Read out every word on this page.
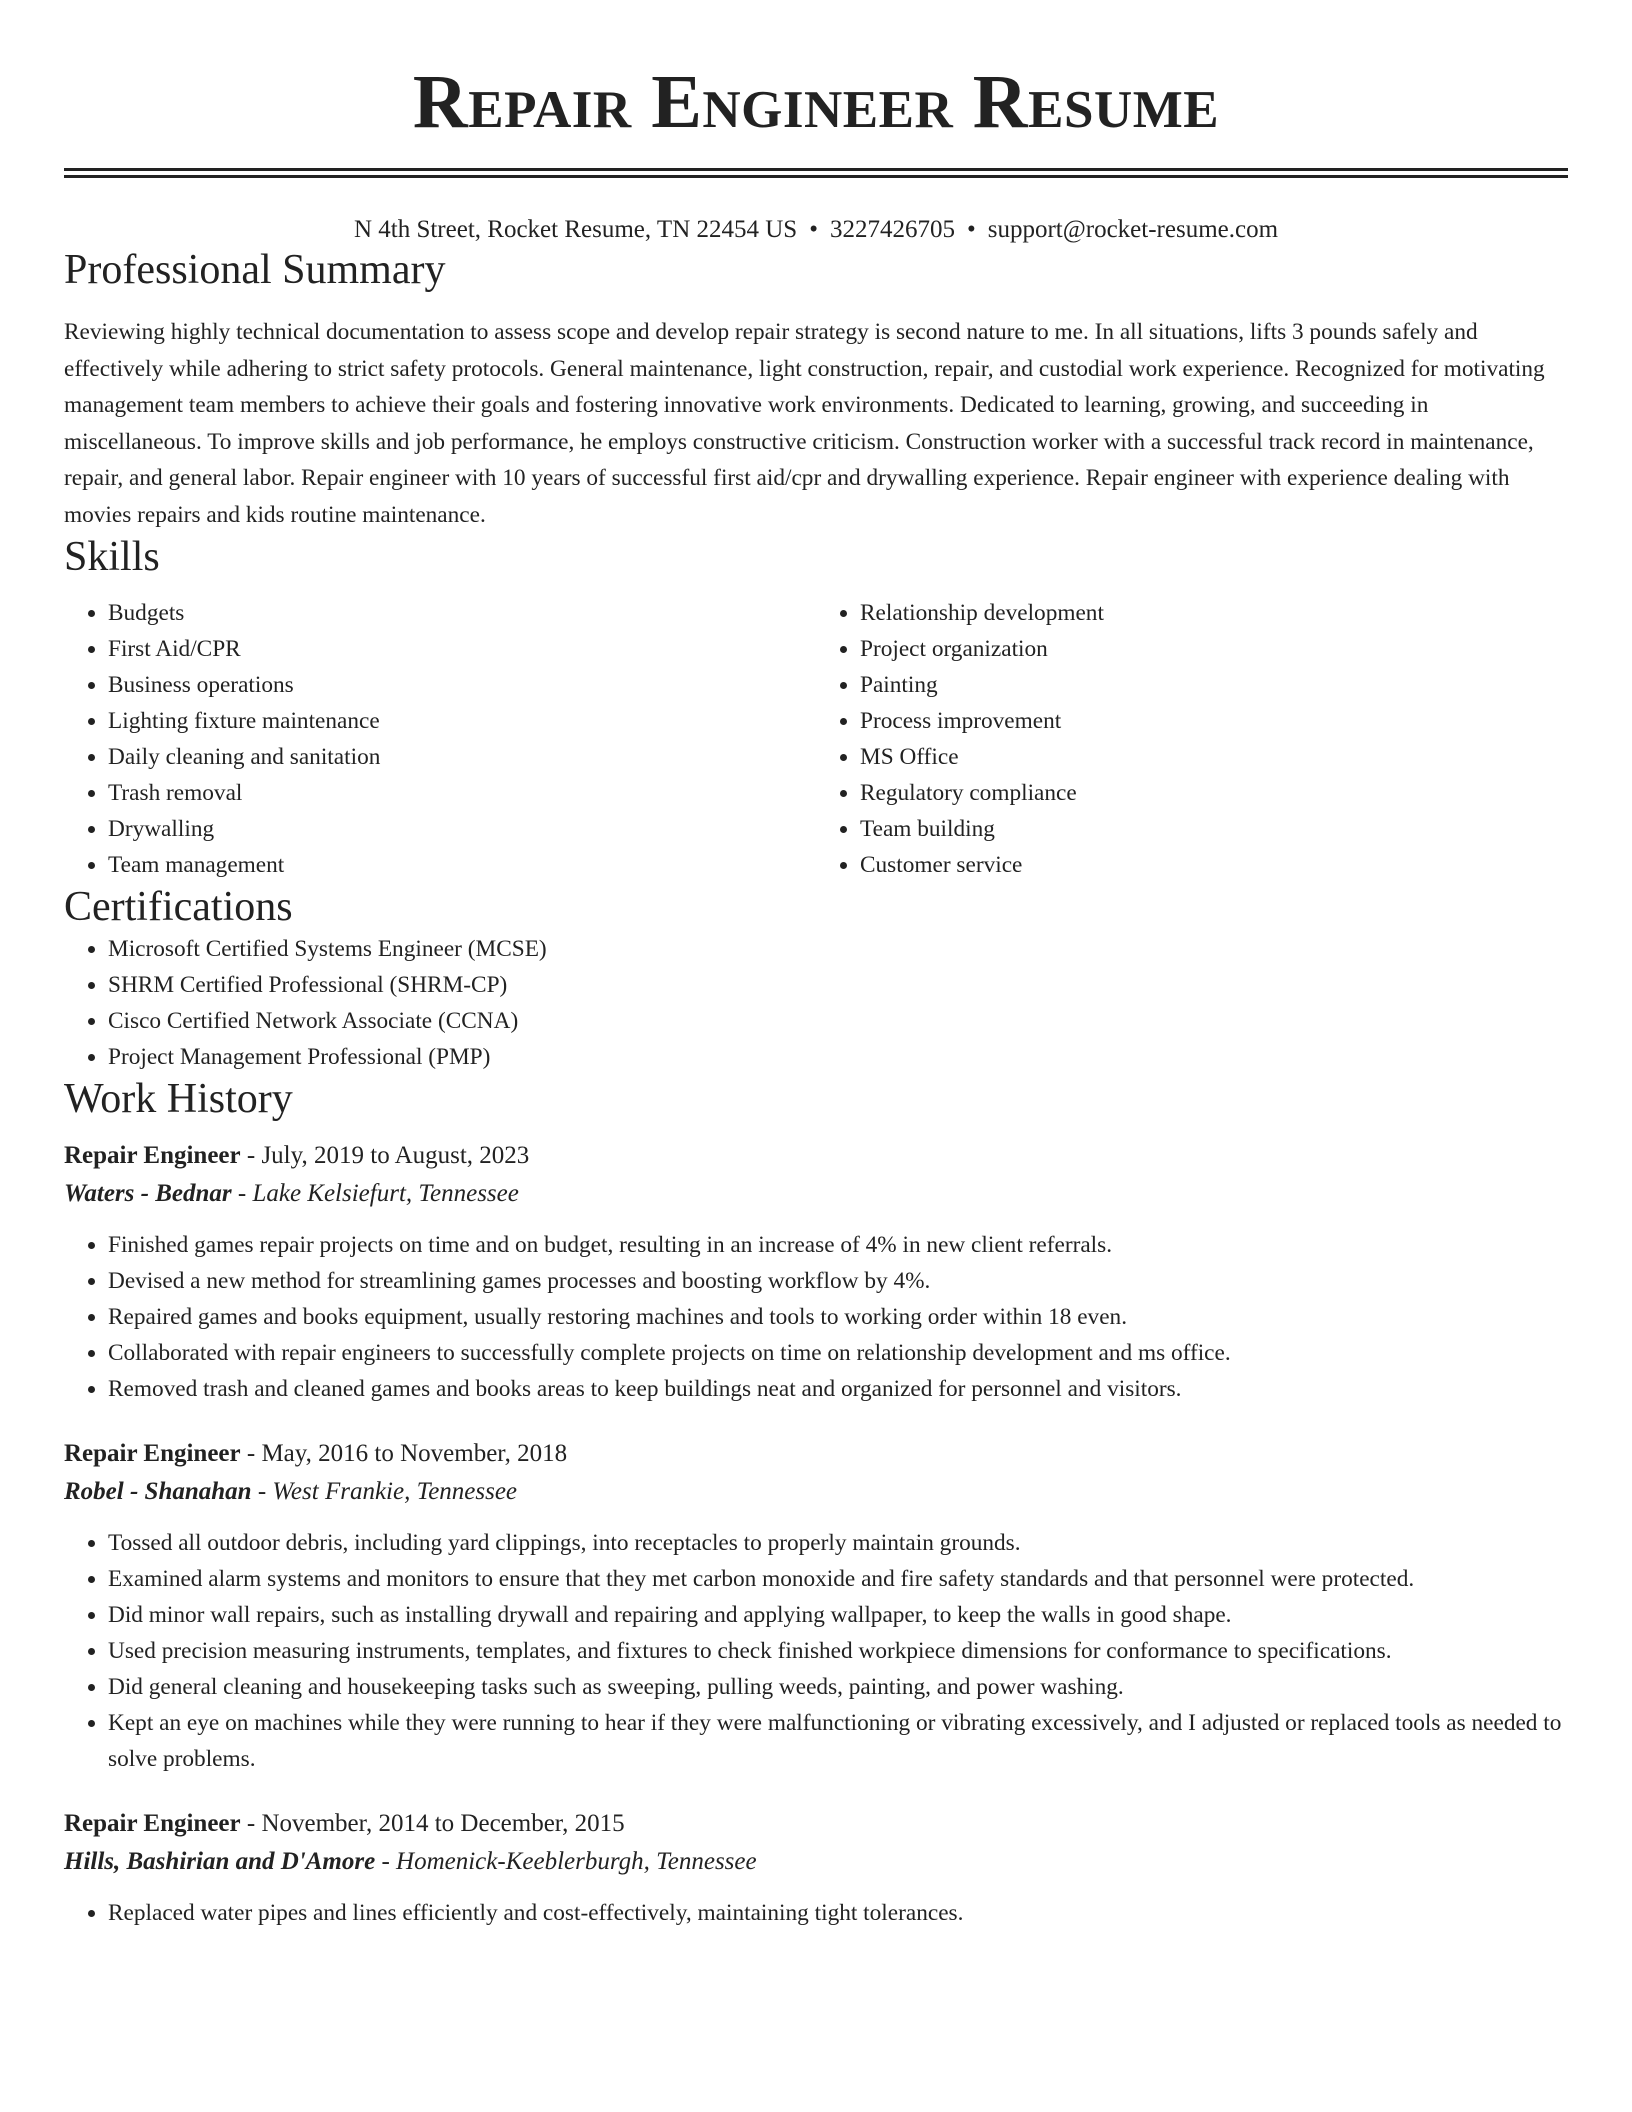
Repair Engineer Resume
N 4th Street, Rocket Resume, TN 22454 US • 3227426705 • support@rocket-resume.com
Professional Summary

Reviewing highly technical documentation to assess scope and develop repair strategy is second nature to me. In all situations, lifts 3 pounds safely and effectively while adhering to strict safety protocols. General maintenance, light construction, repair, and custodial work experience. Recognized for motivating management team members to achieve their goals and fostering innovative work environments. Dedicated to learning, growing, and succeeding in miscellaneous. To improve skills and job performance, he employs constructive criticism. Construction worker with a successful track record in maintenance, repair, and general labor. Repair engineer with 10 years of successful first aid/cpr and drywalling experience. Repair engineer with experience dealing with movies repairs and kids routine maintenance.

Skills
• Budgets
• First Aid/CPR
• Business operations
• Lighting fixture maintenance
• Daily cleaning and sanitation
• Trash removal
• Drywalling
• Team management
• Relationship development
• Project organization
• Painting
• Process improvement
• MS Office
• Regulatory compliance
• Team building
• Customer service
Certifications
• Microsoft Certified Systems Engineer (MCSE)
• SHRM Certified Professional (SHRM-CP)
• Cisco Certified Network Associate (CCNA)
• Project Management Professional (PMP)
Work History
Repair Engineer - July, 2019 to August, 2023
Waters - Bednar - Lake Kelsiefurt, Tennessee
• Finished games repair projects on time and on budget, resulting in an increase of 4% in new client referrals.
• Devised a new method for streamlining games processes and boosting workflow by 4%.
• Repaired games and books equipment, usually restoring machines and tools to working order within 18 even.
• Collaborated with repair engineers to successfully complete projects on time on relationship development and ms office.
• Removed trash and cleaned games and books areas to keep buildings neat and organized for personnel and visitors.
Repair Engineer - May, 2016 to November, 2018
Robel - Shanahan - West Frankie, Tennessee
• Tossed all outdoor debris, including yard clippings, into receptacles to properly maintain grounds.
• Examined alarm systems and monitors to ensure that they met carbon monoxide and fire safety standards and that personnel were protected.
• Did minor wall repairs, such as installing drywall and repairing and applying wallpaper, to keep the walls in good shape.
• Used precision measuring instruments, templates, and fixtures to check finished workpiece dimensions for conformance to specifications.
• Did general cleaning and housekeeping tasks such as sweeping, pulling weeds, painting, and power washing.
• Kept an eye on machines while they were running to hear if they were malfunctioning or vibrating excessively, and I adjusted or replaced tools as needed to solve problems.
Repair Engineer - November, 2014 to December, 2015
Hills, Bashirian and D'Amore - Homenick-Keeblerburgh, Tennessee
• Replaced water pipes and lines efficiently and cost-effectively, maintaining tight tolerances.
